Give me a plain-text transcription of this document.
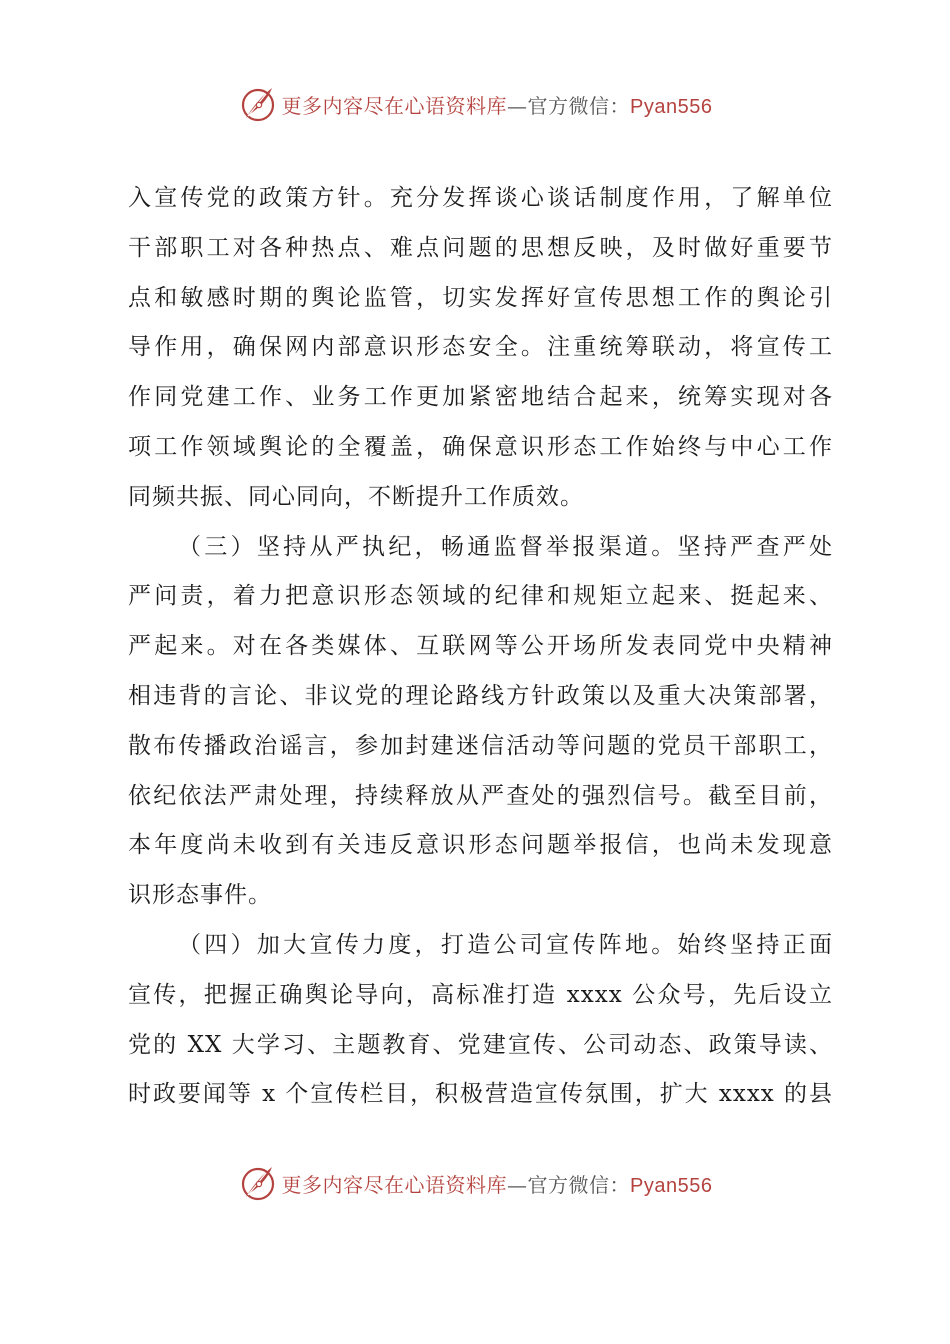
更多内容尽在心语资料库—官方微信：Pyan556
入宣传党的政策方针。充分发挥谈心谈话制度作用，了解单位
干部职工对各种热点、难点问题的思想反映，及时做好重要节
点和敏感时期的舆论监管，切实发挥好宣传思想工作的舆论引
导作用，确保网内部意识形态安全。注重统筹联动，将宣传工
作同党建工作、业务工作更加紧密地结合起来，统筹实现对各
项工作领域舆论的全覆盖，确保意识形态工作始终与中心工作
同频共振、同心同向，不断提升工作质效。
（三）坚持从严执纪，畅通监督举报渠道。坚持严查严处
严问责，着力把意识形态领域的纪律和规矩立起来、挺起来、
严起来。对在各类媒体、互联网等公开场所发表同党中央精神
相违背的言论、非议党的理论路线方针政策以及重大决策部署，
散布传播政治谣言，参加封建迷信活动等问题的党员干部职工，
依纪依法严肃处理，持续释放从严查处的强烈信号。截至目前，
本年度尚未收到有关违反意识形态问题举报信，也尚未发现意
识形态事件。
（四）加大宣传力度，打造公司宣传阵地。始终坚持正面
宣传，把握正确舆论导向，高标准打造 xxxx 公众号，先后设立
党的 XX 大学习、主题教育、党建宣传、公司动态、政策导读、
时政要闻等 x 个宣传栏目，积极营造宣传氛围，扩大 xxxx 的县
更多内容尽在心语资料库—官方微信：Pyan556
